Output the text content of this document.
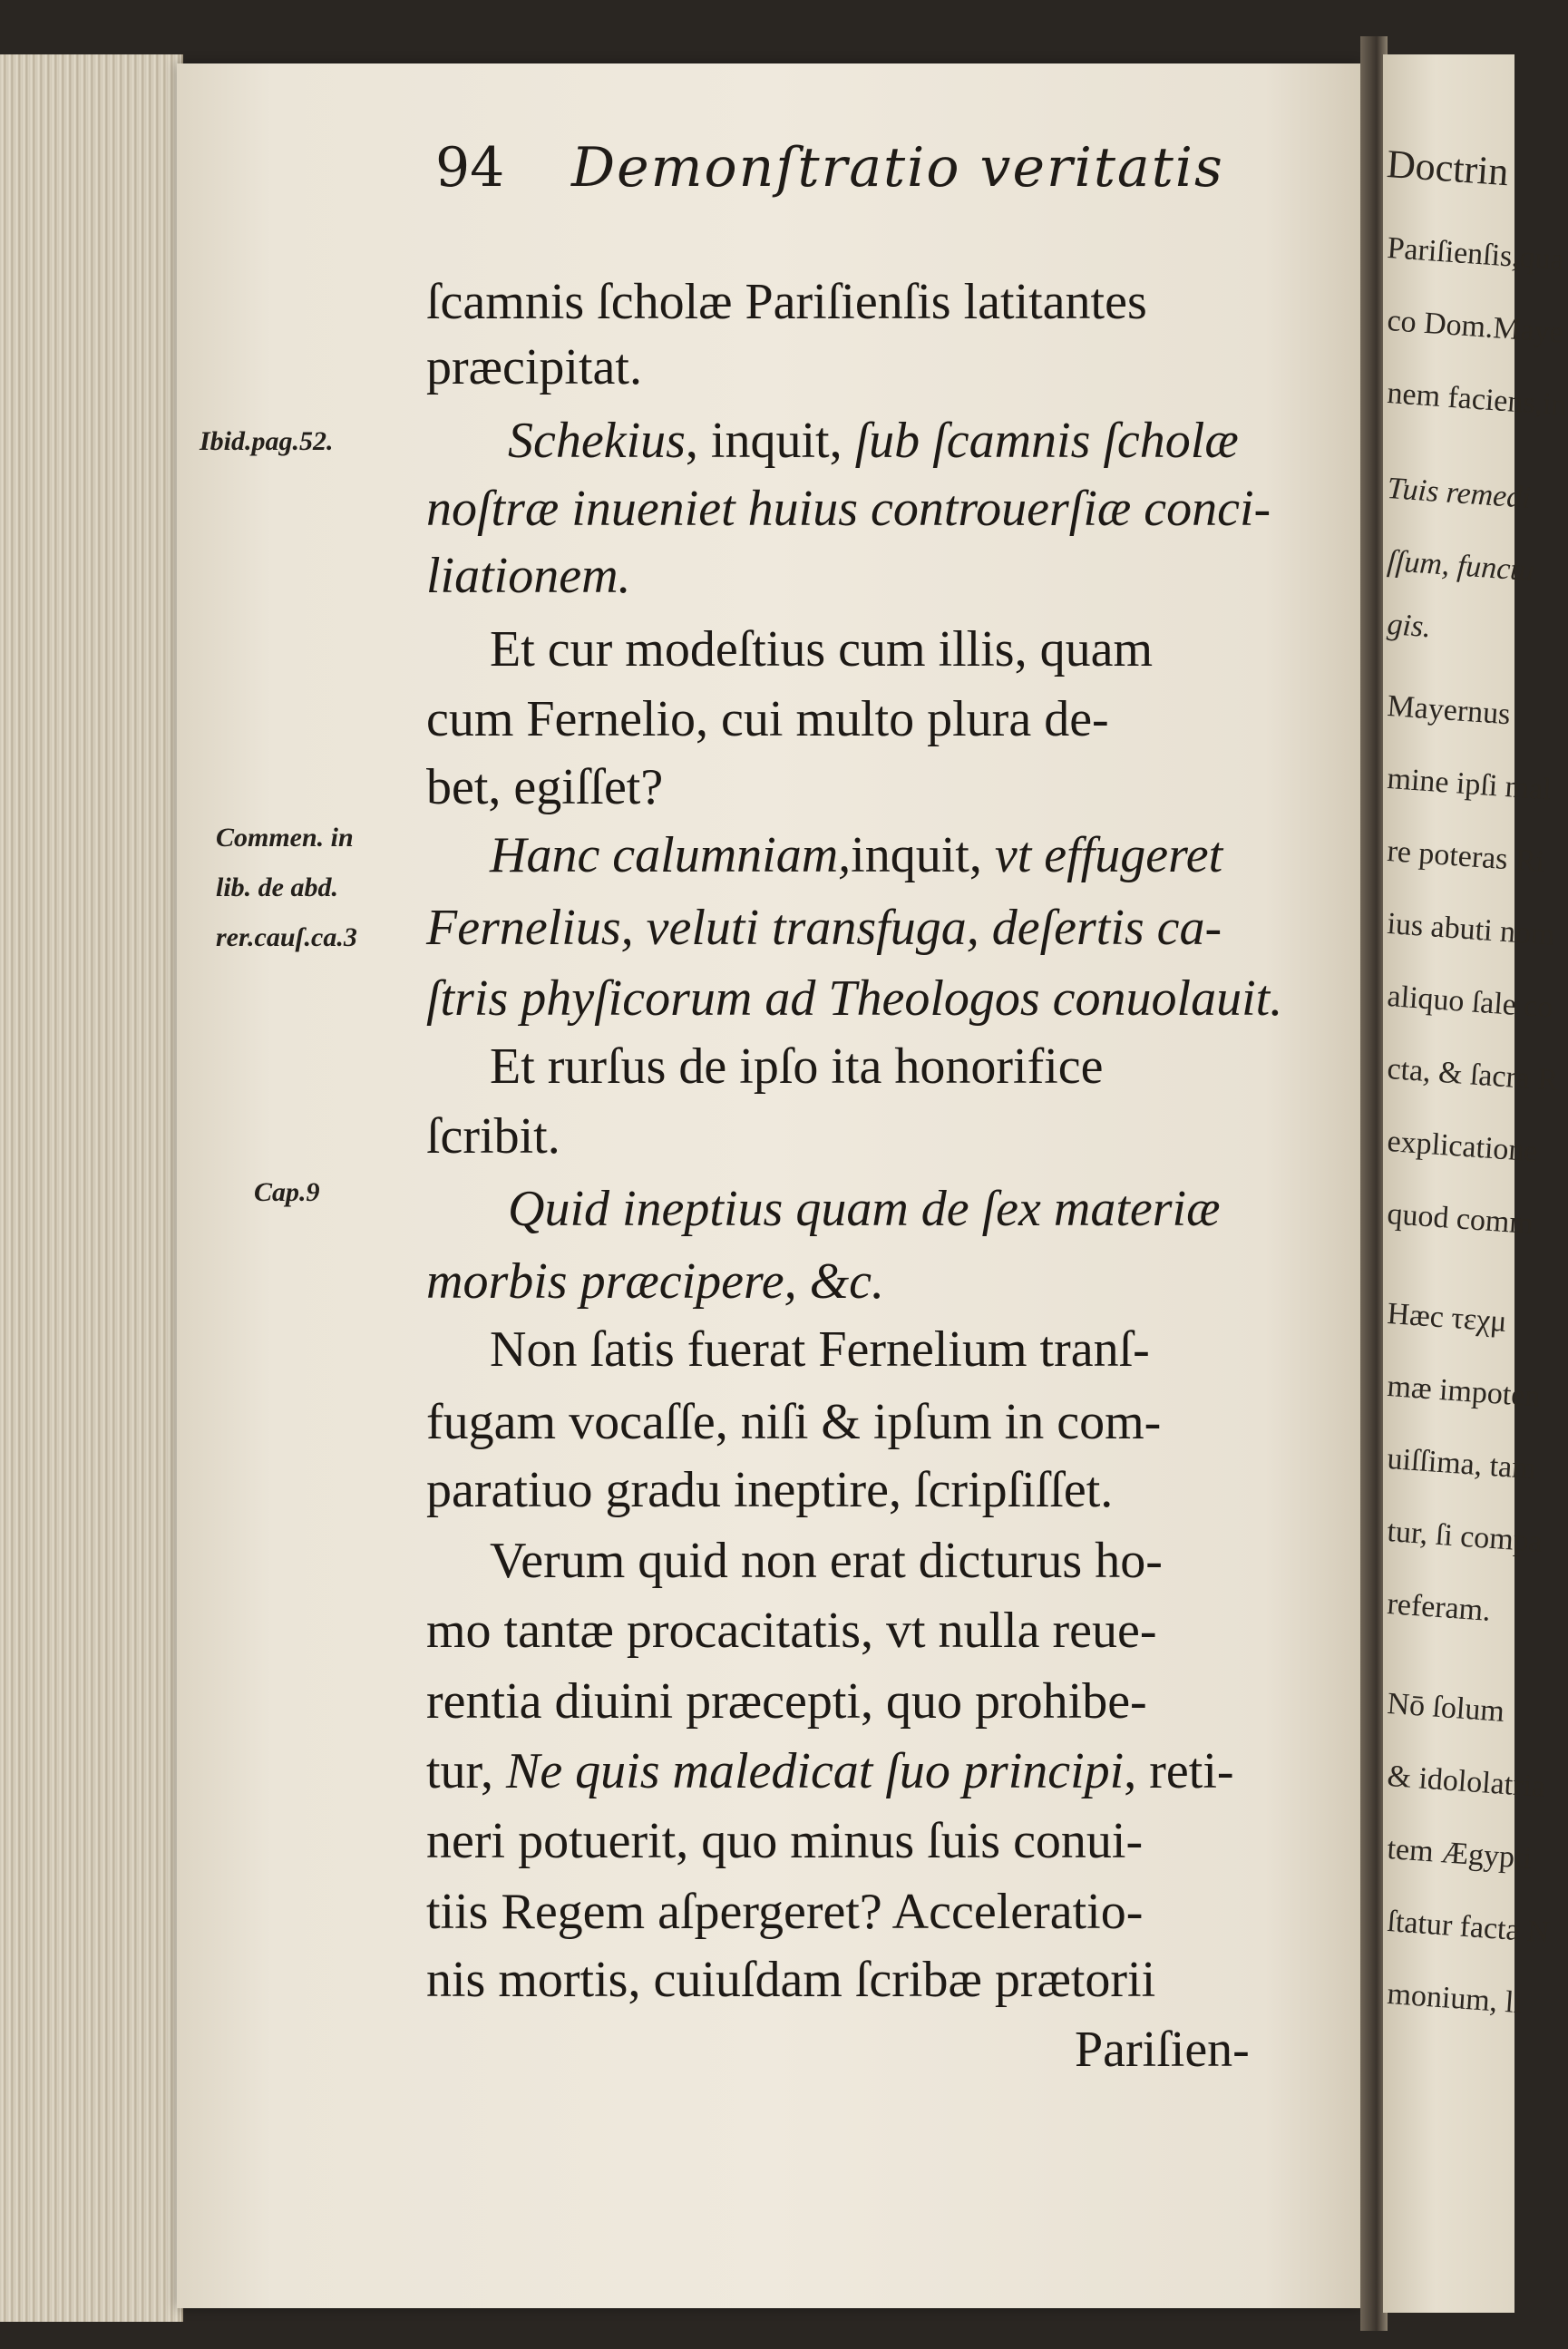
Doctrin
Pariſienſis,qua
co Dom.Maye
nem faciens,in
Tuis remedi
ſſum, functu
gis.
Mayernus
mine ipſi mal
re poteras Ri
ius abuti nom
aliquo ſale co
cta, & ſacra R
explicatione
quod comm
Hæc τεχμ
mæ impoten
uiſſima, tam
tur, ſi compa
referam.
Nō ſolum
& idololatria
tem Ægypti
ſtatur facta N
monium, li
94 Demonſtratio veritatis
Ibid.pag.52.
Commen. in
lib. de abd.
rer.cauſ.ca.3
Cap.9
ſcamnis ſcholæ Pariſienſis latitantes
præcipitat.
Schekius, inquit, ſub ſcamnis ſcholæ
noſtræ inueniet huius controuerſiæ conci-
liationem.
Et cur modeſtius cum illis, quam
cum Fernelio, cui multo plura de-
bet, egiſſet?
Hanc calumniam,inquit, vt effugeret
Fernelius, veluti transfuga, deſertis ca-
ſtris phyſicorum ad Theologos conuolauit.
Et rurſus de ipſo ita honorifice
ſcribit.
Quid ineptius quam de ſex materiæ
morbis præcipere, &c.
Non ſatis fuerat Fernelium tranſ-
fugam vocaſſe, niſi & ipſum in com-
paratiuo gradu ineptire, ſcripſiſſet.
Verum quid non erat dicturus ho-
mo tantæ procacitatis, vt nulla reue-
rentia diuini præcepti, quo prohibe-
tur, Ne quis maledicat ſuo principi, reti-
neri potuerit, quo minus ſuis conui-
tiis Regem aſpergeret? Acceleratio-
nis mortis, cuiuſdam ſcribæ prætorii
Pariſien-
